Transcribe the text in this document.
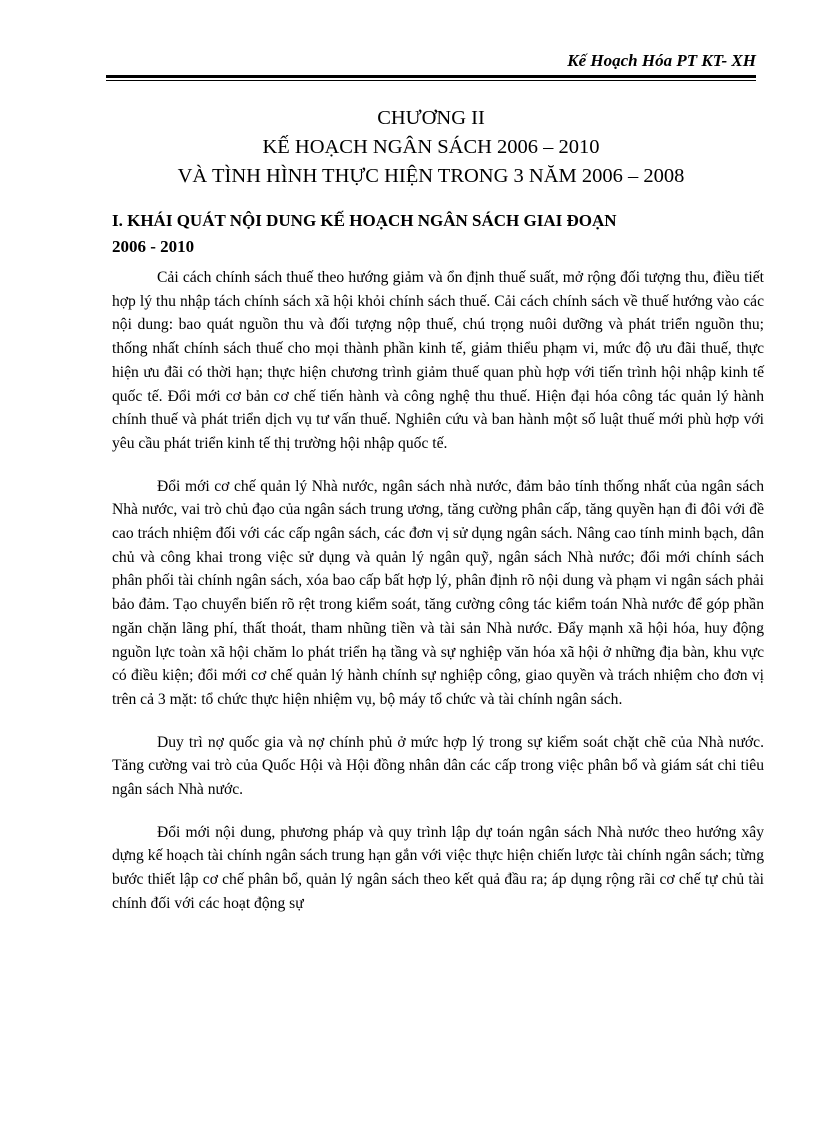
Kế Hoạch Hóa PT KT- XH
CHƯƠNG II
KẾ HOẠCH NGÂN SÁCH 2006 – 2010
VÀ TÌNH HÌNH THỰC HIỆN TRONG 3 NĂM 2006 – 2008
I. KHÁI QUÁT NỘI DUNG KẾ HOẠCH NGÂN SÁCH GIAI ĐOẠN
2006 - 2010

Cải cách chính sách thuế theo hướng giảm và ổn định thuế suất, mở rộng đối tượng thu, điều tiết hợp lý thu nhập tách chính sách xã hội khỏi chính sách thuế. Cải cách chính sách về thuế hướng vào các nội dung: bao quát nguồn thu và đối tượng nộp thuế, chú trọng nuôi dưỡng và phát triển nguồn thu; thống nhất chính sách thuế cho mọi thành phần kinh tế, giảm thiểu phạm vi, mức độ ưu đãi thuế, thực hiện ưu đãi có thời hạn; thực hiện chương trình giảm thuế quan phù hợp với tiến trình hội nhập kinh tế quốc tế. Đổi mới cơ bản cơ chế tiến hành và công nghệ thu thuế. Hiện đại hóa công tác quản lý hành chính thuế và phát triển dịch vụ tư vấn thuế. Nghiên cứu và ban hành một số luật thuế mới phù hợp với yêu cầu phát triển kinh tế thị trường hội nhập quốc tế.

Đổi mới cơ chế quản lý Nhà nước, ngân sách nhà nước, đảm bảo tính thống nhất của ngân sách Nhà nước, vai trò chủ đạo của ngân sách trung ương, tăng cường phân cấp, tăng quyền hạn đi đôi với đề cao trách nhiệm đối với các cấp ngân sách, các đơn vị sử dụng ngân sách. Nâng cao tính minh bạch, dân chủ và công khai trong việc sử dụng và quản lý ngân quỹ, ngân sách Nhà nước; đổi mới chính sách phân phối tài chính ngân sách, xóa bao cấp bất hợp lý, phân định rõ nội dung và phạm vi ngân sách phải bảo đảm. Tạo chuyển biến rõ rệt trong kiểm soát, tăng cường công tác kiểm toán Nhà nước để góp phần ngăn chặn lãng phí, thất thoát, tham nhũng tiền và tài sản Nhà nước. Đẩy mạnh xã hội hóa, huy động nguồn lực toàn xã hội chăm lo phát triển hạ tầng và sự nghiệp văn hóa xã hội ở những địa bàn, khu vực có điều kiện; đổi mới cơ chế quản lý hành chính sự nghiệp công, giao quyền và trách nhiệm cho đơn vị trên cả 3 mặt: tổ chức thực hiện nhiệm vụ, bộ máy tổ chức và tài chính ngân sách.

Duy trì nợ quốc gia và nợ chính phủ ở mức hợp lý trong sự kiểm soát chặt chẽ của Nhà nước. Tăng cường vai trò của Quốc Hội và Hội đồng nhân dân các cấp trong việc phân bổ và giám sát chi tiêu ngân sách Nhà nước.

Đổi mới nội dung, phương pháp và quy trình lập dự toán ngân sách Nhà nước theo hướng xây dựng kế hoạch tài chính ngân sách trung hạn gắn với việc thực hiện chiến lược tài chính ngân sách; từng bước thiết lập cơ chế phân bổ, quản lý ngân sách theo kết quả đầu ra; áp dụng rộng rãi cơ chế tự chủ tài chính đối với các hoạt động sự
